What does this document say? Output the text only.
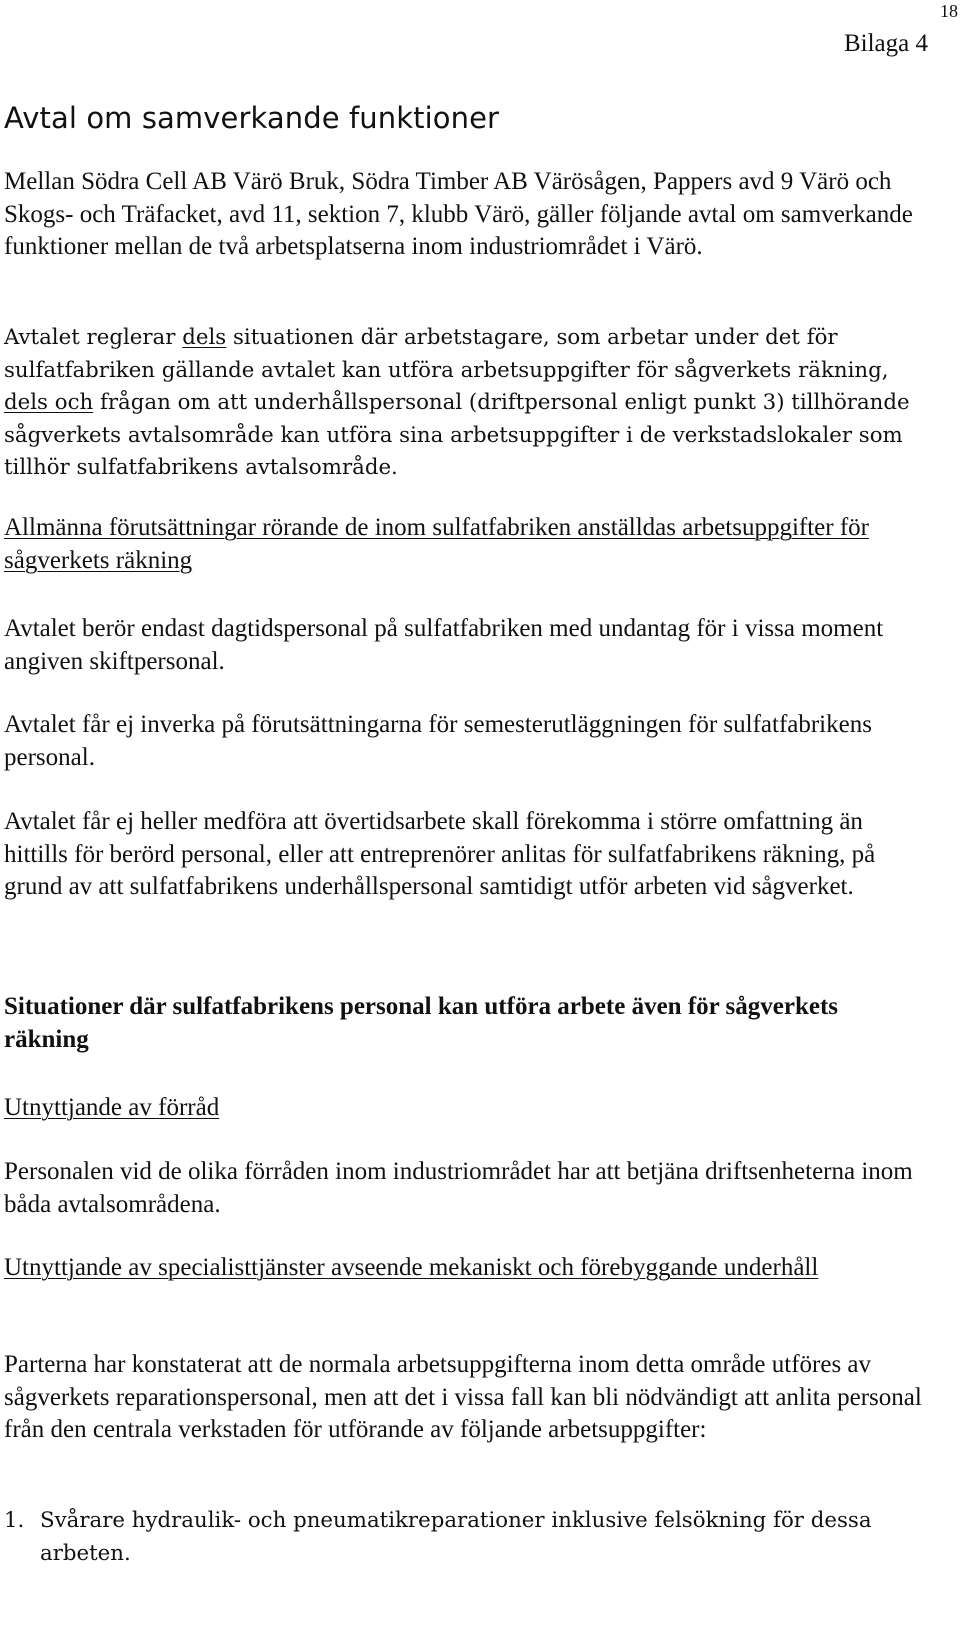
18
Bilaga 4
Avtal om samverkande funktioner

Mellan Södra Cell AB Värö Bruk, Södra Timber AB Värösågen, Pappers avd 9 Värö och Skogs- och Träfacket, avd 11, sektion 7, klubb Värö, gäller följande avtal om samverkande funktioner mellan de två arbetsplatserna inom industriområdet i Värö.

Avtalet reglerar dels situationen där arbetstagare, som arbetar under det för sulfatfabriken gällande avtalet kan utföra arbetsuppgifter för sågverkets räkning, dels och frågan om att underhållspersonal (driftpersonal enligt punkt 3) tillhörande sågverkets avtalsområde kan utföra sina arbetsuppgifter i de verkstadslokaler som tillhör sulfatfabrikens avtalsområde.

Allmänna förutsättningar rörande de inom sulfatfabriken anställdas arbetsuppgifter för sågverkets räkning

Avtalet berör endast dagtidspersonal på sulfatfabriken med undantag för i vissa moment angiven skiftpersonal.

Avtalet får ej inverka på förutsättningarna för semesterutläggningen för sulfatfabrikens personal.

Avtalet får ej heller medföra att övertidsarbete skall förekomma i större omfattning än hittills för berörd personal, eller att entreprenörer anlitas för sulfatfabrikens räkning, på grund av att sulfatfabrikens underhållspersonal samtidigt utför arbeten vid sågverket.

Situationer där sulfatfabrikens personal kan utföra arbete även för sågverkets räkning

Utnyttjande av förråd

Personalen vid de olika förråden inom industriområdet har att betjäna driftsenheterna inom båda avtalsområdena.

Utnyttjande av specialisttjänster avseende mekaniskt och förebyggande underhåll

Parterna har konstaterat att de normala arbetsuppgifterna inom detta område utföres av sågverkets reparationspersonal, men att det i vissa fall kan bli nödvändigt att anlita personal från den centrala verkstaden för utförande av följande arbetsuppgifter:

1. Svårare hydraulik- och pneumatikreparationer inklusive felsökning för dessa arbeten.
